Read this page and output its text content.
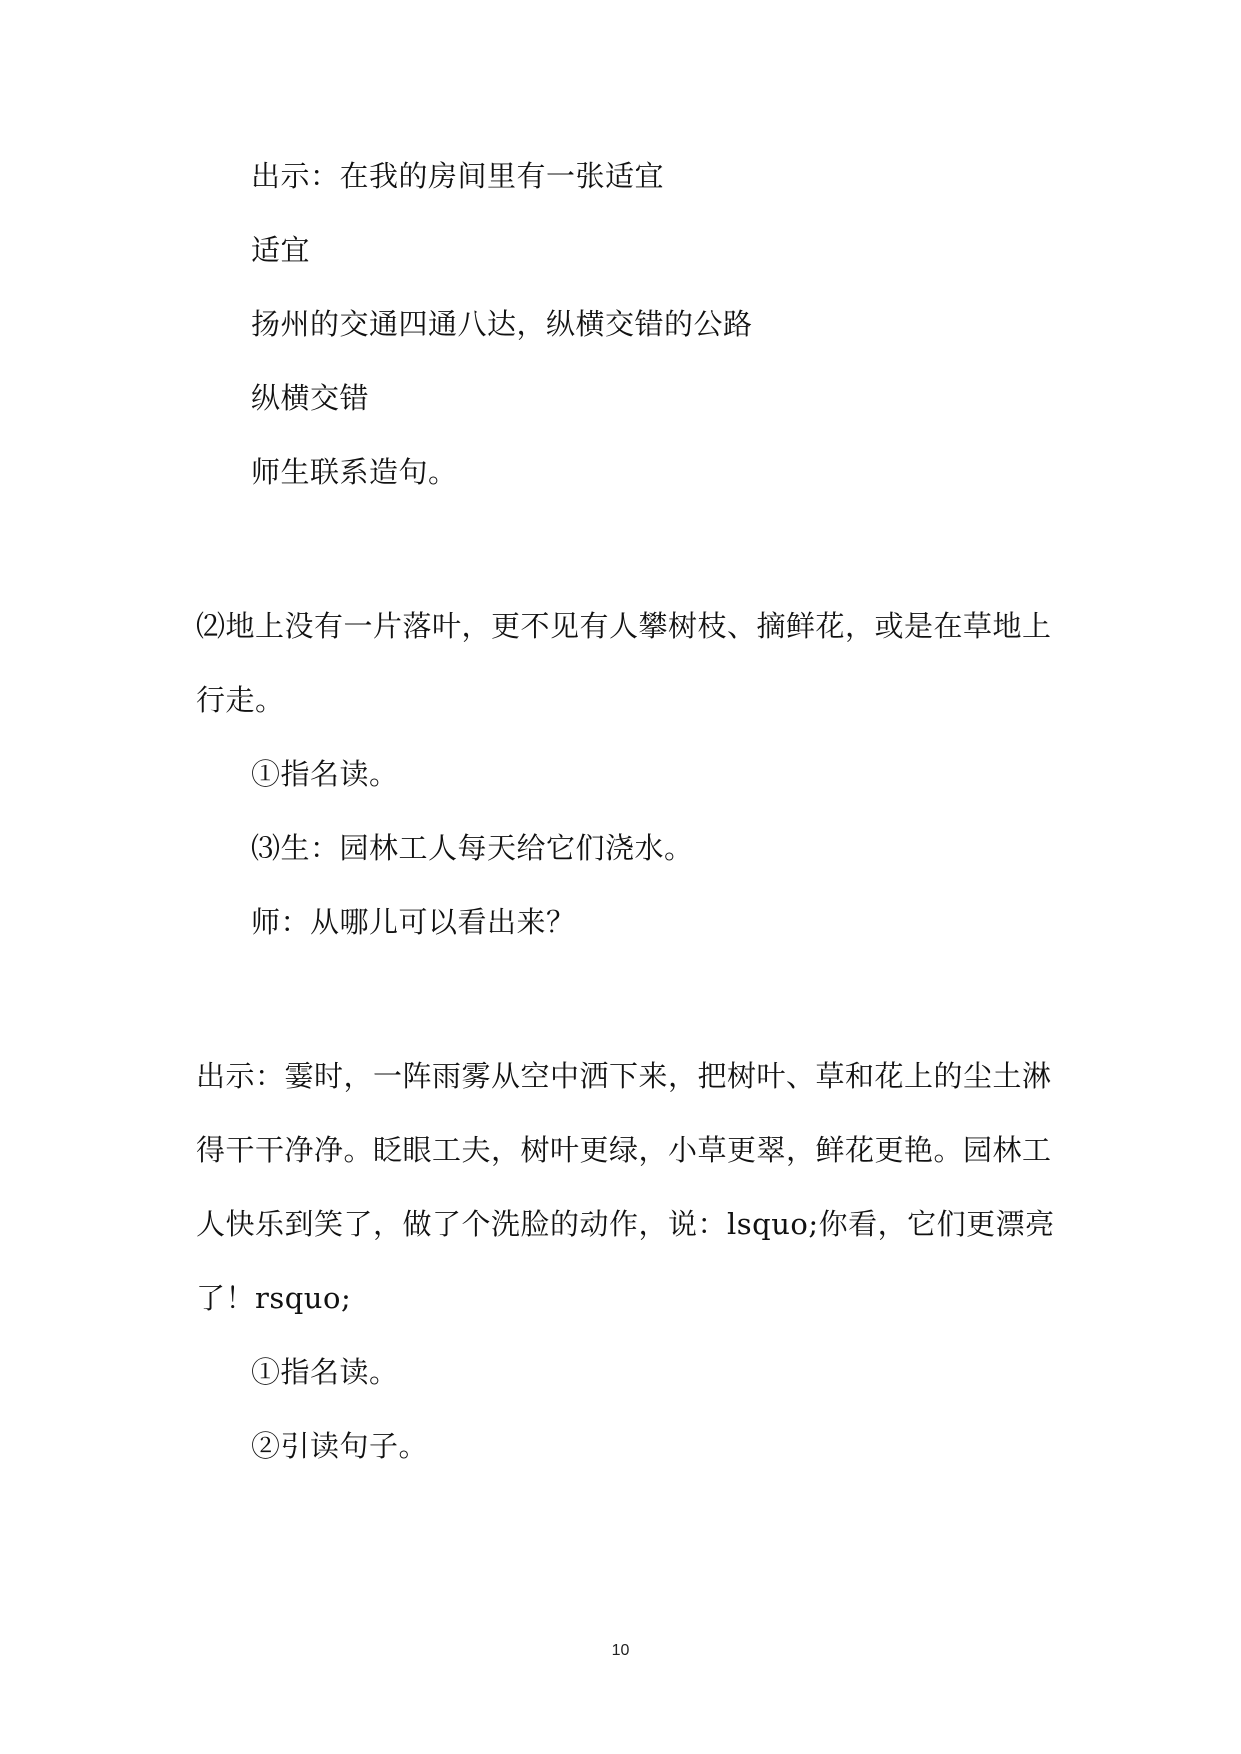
出示：在我的房间里有一张适宜
适宜
扬州的交通四通八达，纵横交错的公路
纵横交错
师生联系造句。
⑵地上没有一片落叶，更不见有人攀树枝、摘鲜花，或是在草地上
行走。
①指名读。
⑶生：园林工人每天给它们浇水。
师：从哪儿可以看出来？
出示：霎时，一阵雨雾从空中洒下来，把树叶、草和花上的尘土淋
得干干净净。眨眼工夫，树叶更绿，小草更翠，鲜花更艳。园林工
人快乐到笑了，做了个洗脸的动作，说：lsquo;你看，它们更漂亮
了！rsquo;
①指名读。
②引读句子。
10
